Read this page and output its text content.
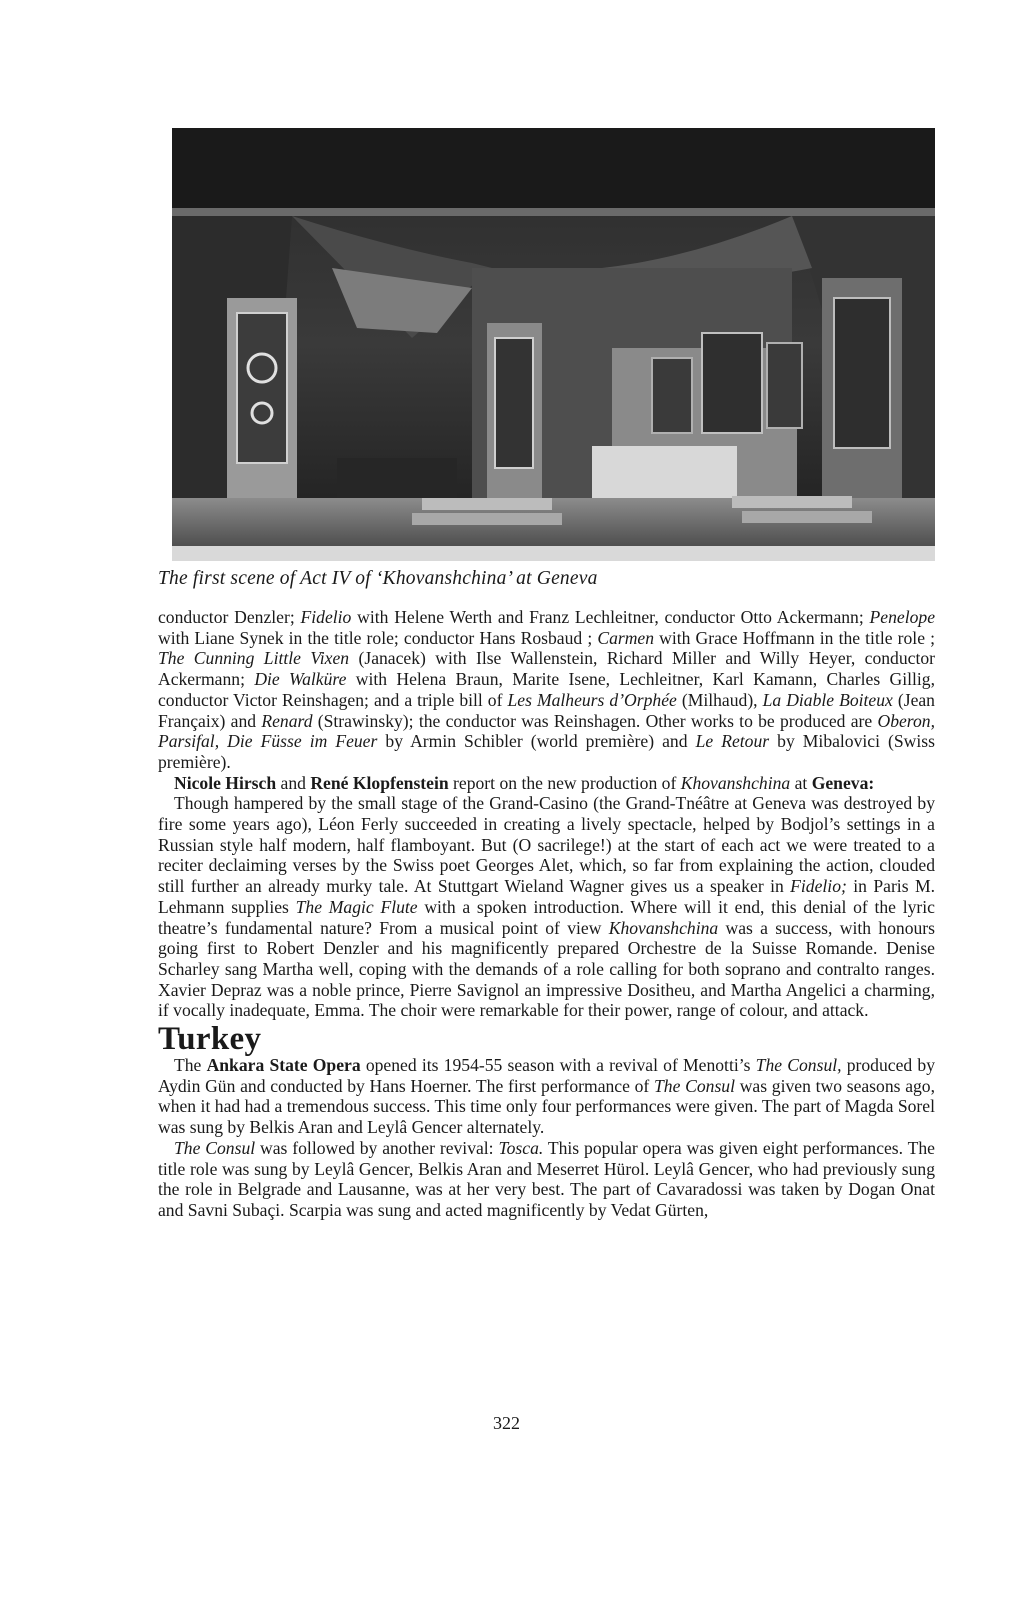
The first scene of Act IV of ‘Khovanshchina’ at Geneva

conductor Denzler; Fidelio with Helene Werth and Franz Lechleitner, conductor Otto Ackermann; Penelope with Liane Synek in the title role; conductor Hans Rosbaud ; Carmen with Grace Hoffmann in the title role ; The Cunning Little Vixen (Janacek) with Ilse Wallenstein, Richard Miller and Willy Heyer, conductor Ackermann; Die Walküre with Helena Braun, Marite Isene, Lechleitner, Karl Kamann, Charles Gillig, conductor Victor Reinshagen; and a triple bill of Les Malheurs d’Orphée (Milhaud), La Diable Boiteux (Jean Françaix) and Renard (Strawinsky); the conductor was Reinshagen. Other works to be produced are Oberon, Parsifal, Die Füsse im Feuer by Armin Schibler (world première) and Le Retour by Mibalovici (Swiss première).

Nicole Hirsch and René Klopfenstein report on the new production of Khovanshchina at Geneva:

Though hampered by the small stage of the Grand-Casino (the Grand-Tnéâtre at Geneva was destroyed by fire some years ago), Léon Ferly succeeded in creating a lively spectacle, helped by Bodjol’s settings in a Russian style half modern, half flamboyant. But (O sacrilege!) at the start of each act we were treated to a reciter declaiming verses by the Swiss poet Georges Alet, which, so far from explaining the action, clouded still further an already murky tale. At Stuttgart Wieland Wagner gives us a speaker in Fidelio; in Paris M. Lehmann supplies The Magic Flute with a spoken introduction. Where will it end, this denial of the lyric theatre’s fundamental nature? From a musical point of view Khovanshchina was a success, with honours going first to Robert Denzler and his magnificently prepared Orchestre de la Suisse Romande. Denise Scharley sang Martha well, coping with the demands of a role calling for both soprano and contralto ranges. Xavier Depraz was a noble prince, Pierre Savignol an impressive Dositheu, and Martha Angelici a charming, if vocally inadequate, Emma. The choir were remarkable for their power, range of colour, and attack.

Turkey

The Ankara State Opera opened its 1954-55 season with a revival of Menotti’s The Consul, produced by Aydin Gün and conducted by Hans Hoerner. The first performance of The Consul was given two seasons ago, when it had had a tremendous success. This time only four performances were given. The part of Magda Sorel was sung by Belkis Aran and Leylâ Gencer alternately.

The Consul was followed by another revival: Tosca. This popular opera was given eight performances. The title role was sung by Leylâ Gencer, Belkis Aran and Meserret Hürol. Leylâ Gencer, who had previously sung the role in Belgrade and Lausanne, was at her very best. The part of Cavaradossi was taken by Dogan Onat and Savni Subaçi. Scarpia was sung and acted magnificently by Vedat Gürten,

322
